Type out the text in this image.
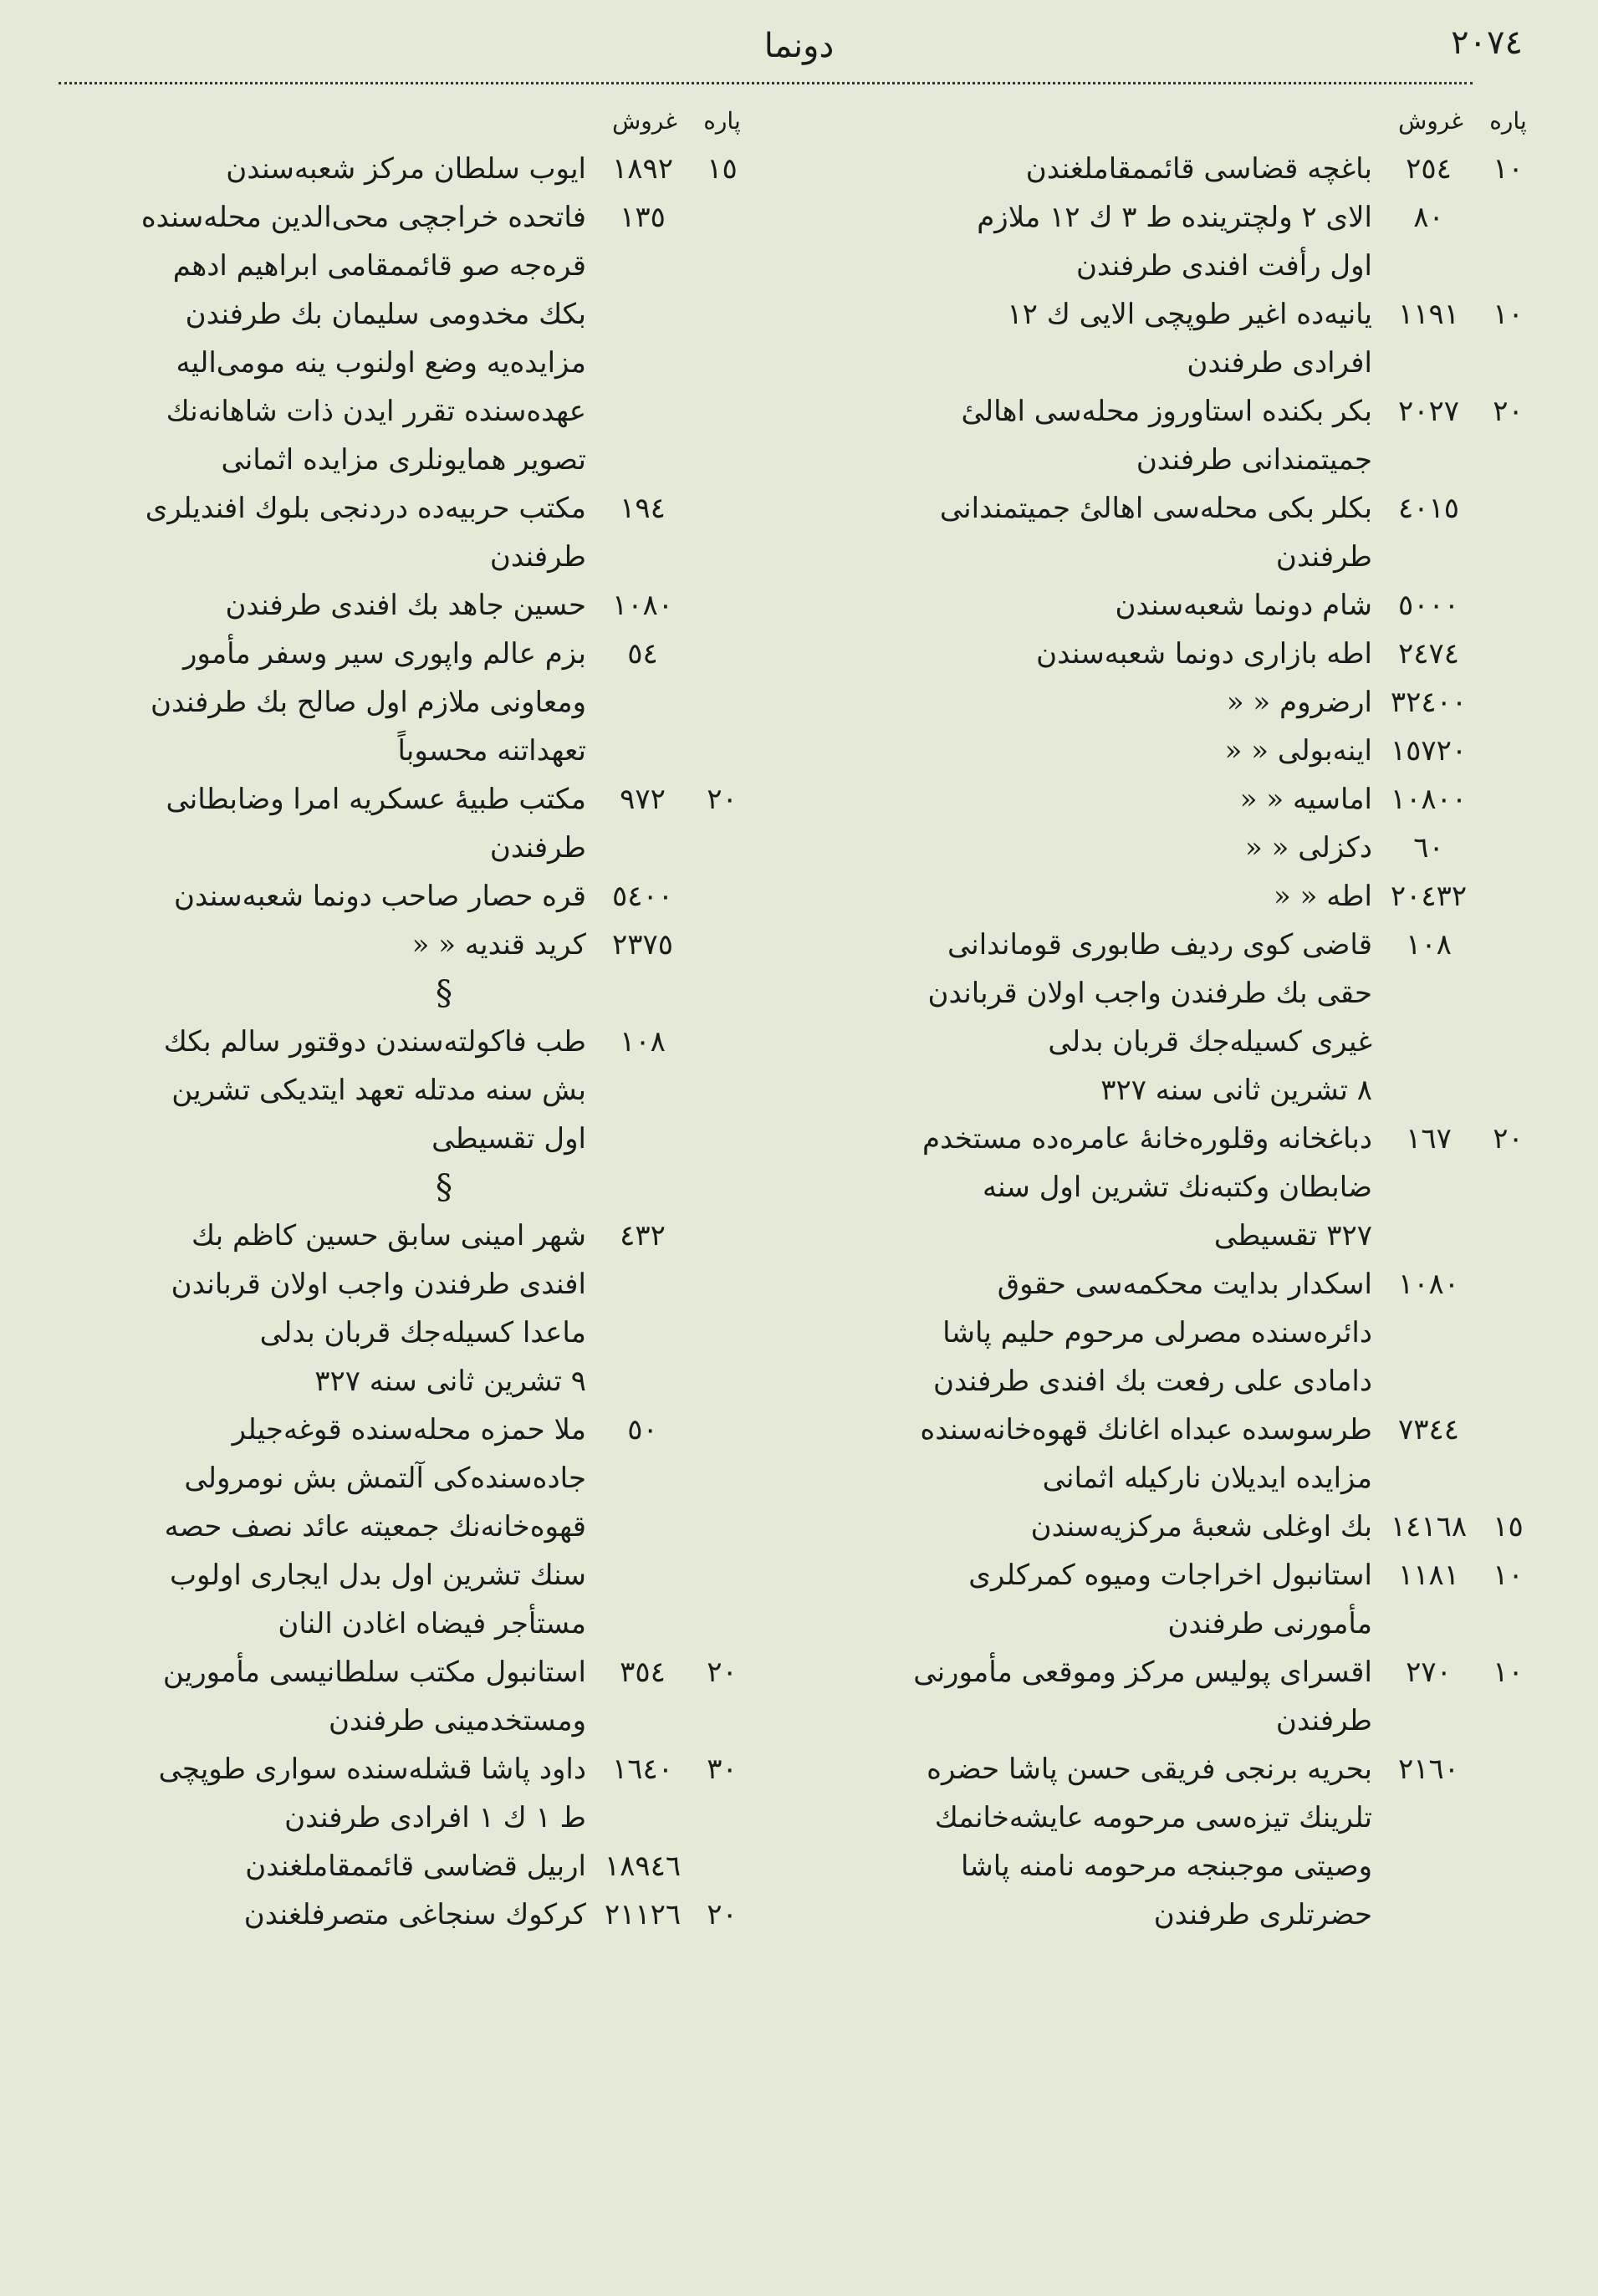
٢٠٧٤
دونما
پاره
غروش
١٠
٢٥٤
باغچه قضاسی قائممقاملغندن
٨٠
الای ٢ ولچترینده ط ٣ ك ١٢ ملازم
اول رأفت افندی طرفندن
١٠
١١٩١
یانیه‌ده اغیر طوپچی الایی ك ١٢
افرادی طرفندن
٢٠
٢٠٢٧
بکر بکنده استاوروز محله‌سی اهالیٔ
جمیتمندانی طرفندن
٤٠١٥
بکلر بکی محله‌سی اهالیٔ جمیتمندانی
طرفندن
٥٠٠٠
شام دونما شعبه‌سندن
٢٤٧٤
اطه بازاری دونما شعبه‌سندن
٣٢٤٠٠
ارضروم « «
١٥٧٢٠
اینه‌بولی « «
١٠٨٠٠
اماسیه « «
٦٠
دکزلی « «
٢٠٤٣٢
اطه « «
١٠٨
قاضی کوی ردیف طابوری قوماندانی
حقی بك طرفندن واجب اولان قرباندن
غیری کسیله‌جك قربان بدلی
٨ تشرین ثانی سنه ٣٢٧
٢٠
١٦٧
دباغخانه وقلوره‌خانهٔ عامره‌ده مستخدم
ضابطان وکتبه‌نك تشرین اول سنه
٣٢٧ تقسیطی
١٠٨٠
اسکدار بدایت محکمه‌سی حقوق
دائره‌سنده مصرلی مرحوم حلیم پاشا
دامادی علی رفعت بك افندی طرفندن
٧٣٤٤
طرسوسده عبداه اغانك قهوه‌خانه‌سنده
مزایده ایدیلان نارکیله اثمانی
١٥
١٤١٦٨
بك اوغلی شعبهٔ مرکزیه‌سندن
١٠
١١٨١
استانبول اخراجات ومیوه کمرکلری
مأمورنی طرفندن
١٠
٢٧٠
اقسرای پولیس مرکز وموقعی مأمورنی
طرفندن
٢١٦٠
بحریه برنجی فریقی حسن پاشا حضره
تلرینك تیزه‌سی مرحومه عایشه‌خانمك
وصیتی موجبنجه مرحومه نامنه پاشا
حضرتلری طرفندن
پاره
غروش
١٥
١٨٩٢
ایوب سلطان مرکز شعبه‌سندن
١٣٥
فاتحده خراجچی محی‌الدین محله‌سنده
قره‌جه صو قائممقامی ابراهیم ادهم
بکك مخدومی سلیمان بك طرفندن
مزایده‌یه وضع اولنوب ینه مومی‌الیه
عهده‌سنده تقرر ایدن ذات شاهانه‌نك
تصویر همایونلری مزایده اثمانی
١٩٤
مکتب حربیه‌ده دردنجی بلوك افندیلری
طرفندن
١٠٨٠
حسین جاهد بك افندی طرفندن
٥٤
بزم عالم واپوری سیر وسفر مأمور
ومعاونی ملازم اول صالح بك طرفندن
تعهداتنه محسوباً
٢٠
٩٧٢
مکتب طبیهٔ عسکریه امرا وضابطانی
طرفندن
٥٤٠٠
قره حصار صاحب دونما شعبه‌سندن
٢٣٧٥
کرید قندیه « «
§
١٠٨
طب فاکولته‌سندن دوقتور سالم بکك
بش سنه مدتله تعهد ایتدیکی تشرین
اول تقسیطی
§
٤٣٢
شهر امینی سابق حسین کاظم بك
افندی طرفندن واجب اولان قرباندن
ماعدا کسیله‌جك قربان بدلی
٩ تشرین ثانی سنه ٣٢٧
٥٠
ملا حمزه محله‌سنده قوغه‌جیلر
جاده‌سنده‌کی آلتمش بش نومرولی
قهوه‌خانه‌نك جمعیته عائد نصف حصه‌
سنك تشرین اول بدل ایجاری اولوب
مستأجر فیضاه اغادن النان
٢٠
٣٥٤
استانبول مکتب سلطانیسی مأمورین
ومستخدمینی طرفندن
٣٠
١٦٤٠
داود پاشا قشله‌سنده سواری طوپچی
ط ١ ك ١ افرادی طرفندن
١٨٩٤٦
اربیل قضاسی قائممقاملغندن
٢٠
٢١١٢٦
کرکوك سنجاغی متصرفلغندن
